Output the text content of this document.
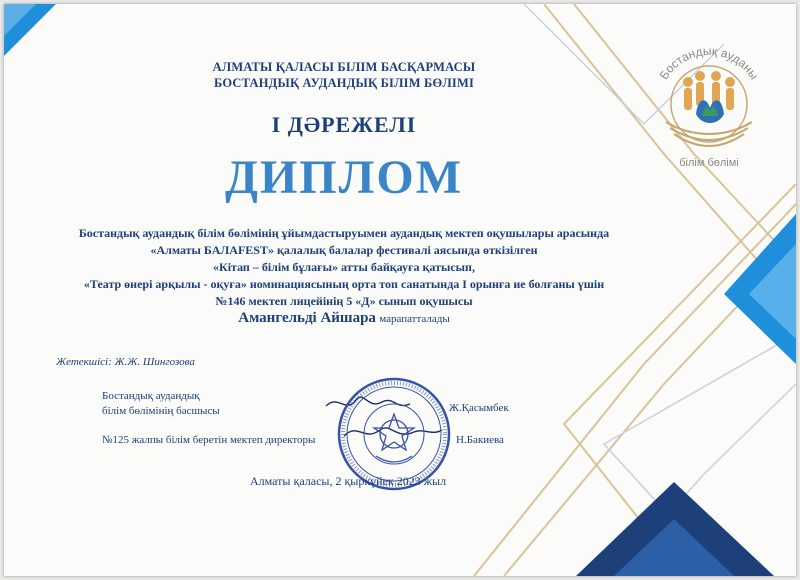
АЛМАТЫ ҚАЛАСЫ БІЛІМ БАСҚАРМАСЫ
БОСТАНДЫҚ АУДАНДЫҚ БІЛІМ БӨЛІМІ
Бостандық ауданы
білім бөлімі
І ДӘРЕЖЕЛІ
ДИПЛОМ
Бостандық аудандық білім бөлімінің ұйымдастыруымен аудандық мектеп оқушылары арасында
«Алматы БАЛАFEST» қалалық балалар фестивалі аясында өткізілген
«Кітап – білім бұлағы» атты байқауға қатысып,
«Театр өнері арқылы - оқуға» номинациясының орта топ санатында І орынға ие болғаны үшін
№146 мектеп лицейінің 5 «Д» сынып оқушысы
Амангельді Айшара марапатталады
Жетекшісі: Ж.Ж. Шингозова
Бостандық аудандық
білім бөлімінің басшысы	Ж.Қасымбек
№125 жалпы білім беретін мектеп директоры	Н.Бакиева
Алматы қаласы, 2 қыркүйек 2023 жыл
